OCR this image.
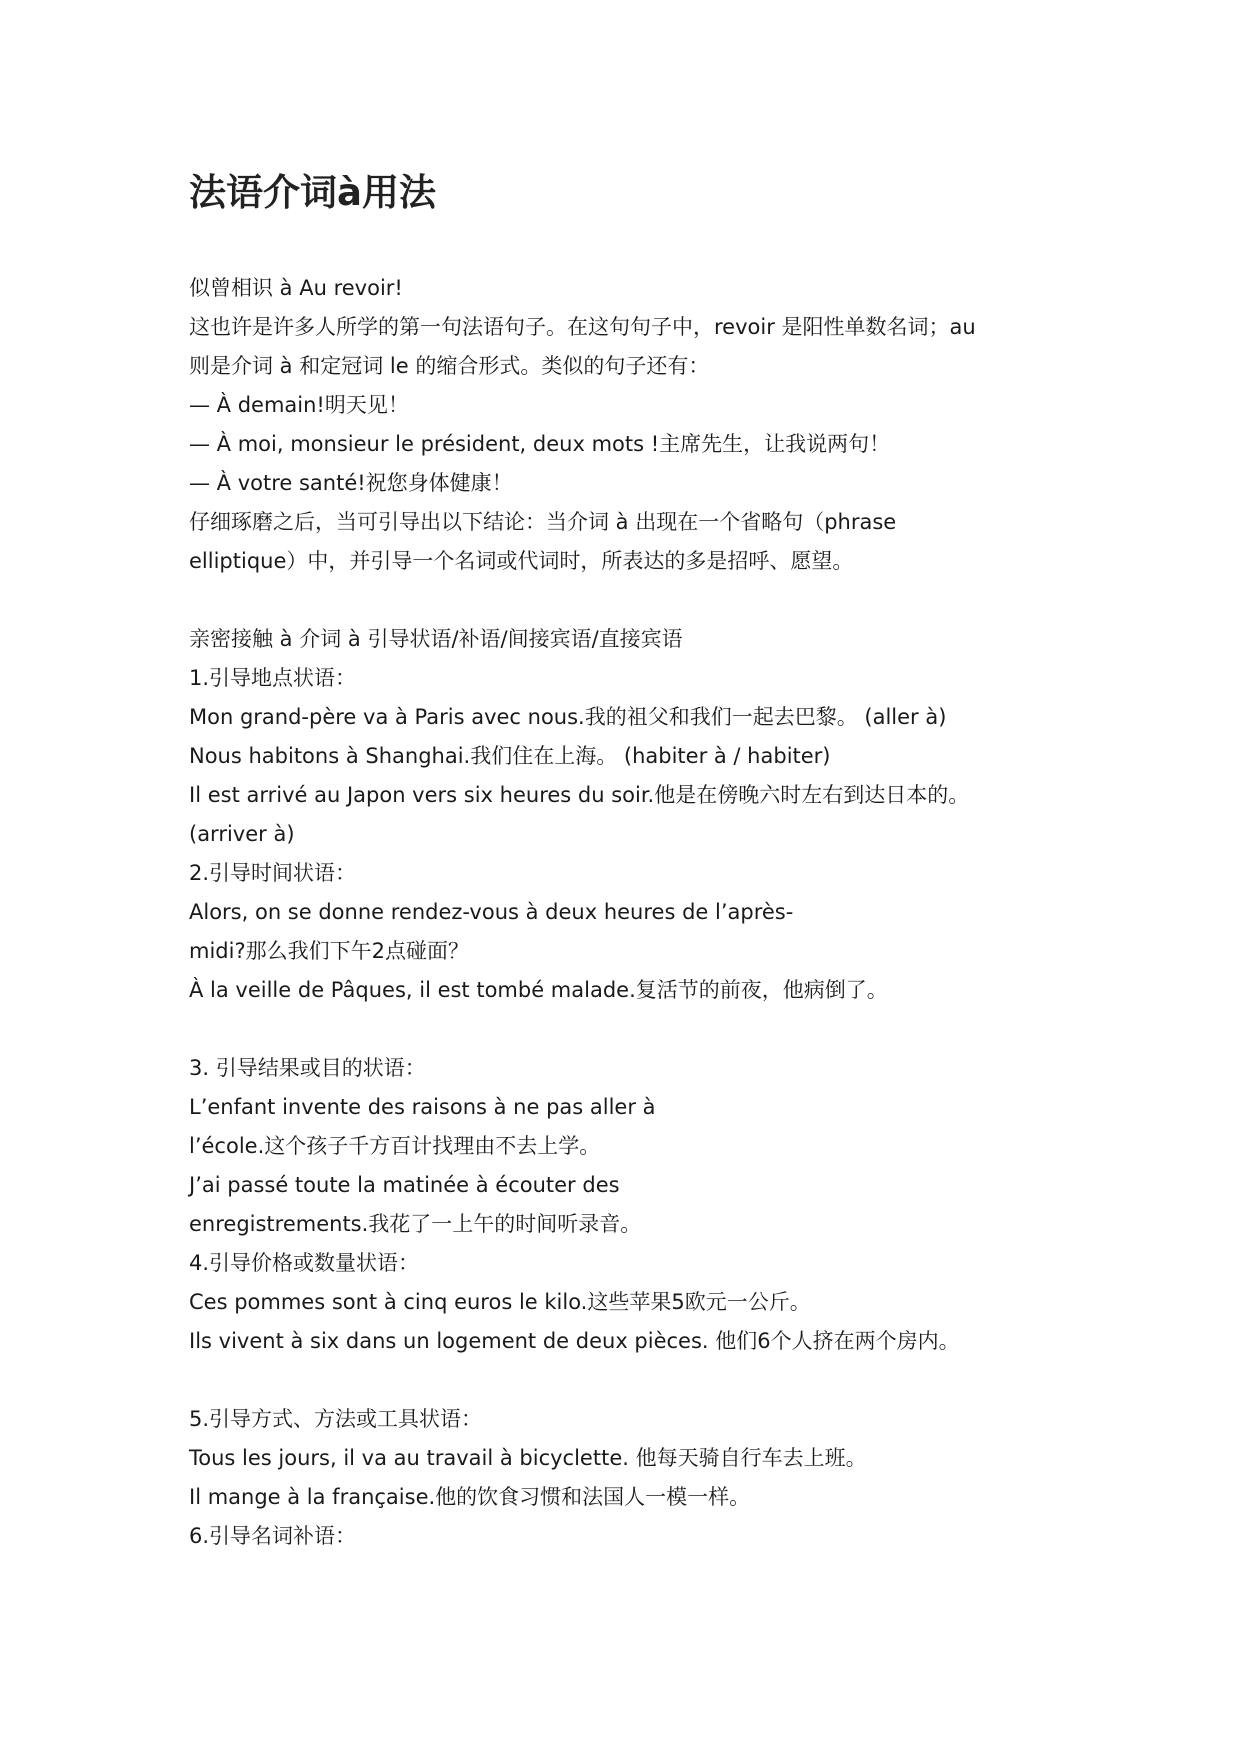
法语介词à用法

似曾相识 à Au revoir!

这也许是许多人所学的第一句法语句子。在这句句子中，revoir 是阳性单数名词；au

则是介词 à 和定冠词 le 的缩合形式。类似的句子还有：

— À demain!明天见！

— À moi, monsieur le président, deux mots !主席先生，让我说两句！

— À votre santé!祝您身体健康！

仔细琢磨之后，当可引导出以下结论：当介词 à 出现在一个省略句（phrase

elliptique）中，并引导一个名词或代词时，所表达的多是招呼、愿望。

亲密接触 à 介词 à 引导状语/补语/间接宾语/直接宾语

1.引导地点状语：

Mon grand-père va à Paris avec nous.我的祖父和我们一起去巴黎。 (aller à)

Nous habitons à Shanghai.我们住在上海。 (habiter à / habiter)

Il est arrivé au Japon vers six heures du soir.他是在傍晚六时左右到达日本的。

(arriver à)

2.引导时间状语：

Alors, on se donne rendez-vous à deux heures de l’après-

midi?那么我们下午2点碰面？

À la veille de Pâques, il est tombé malade.复活节的前夜，他病倒了。

3. 引导结果或目的状语：

L’enfant invente des raisons à ne pas aller à

l’école.这个孩子千方百计找理由不去上学。

J’ai passé toute la matinée à écouter des

enregistrements.我花了一上午的时间听录音。

4.引导价格或数量状语：

Ces pommes sont à cinq euros le kilo.这些苹果5欧元一公斤。

Ils vivent à six dans un logement de deux pièces. 他们6个人挤在两个房内。

5.引导方式、方法或工具状语：

Tous les jours, il va au travail à bicyclette. 他每天骑自行车去上班。

Il mange à la française.他的饮食习惯和法国人一模一样。

6.引导名词补语：
